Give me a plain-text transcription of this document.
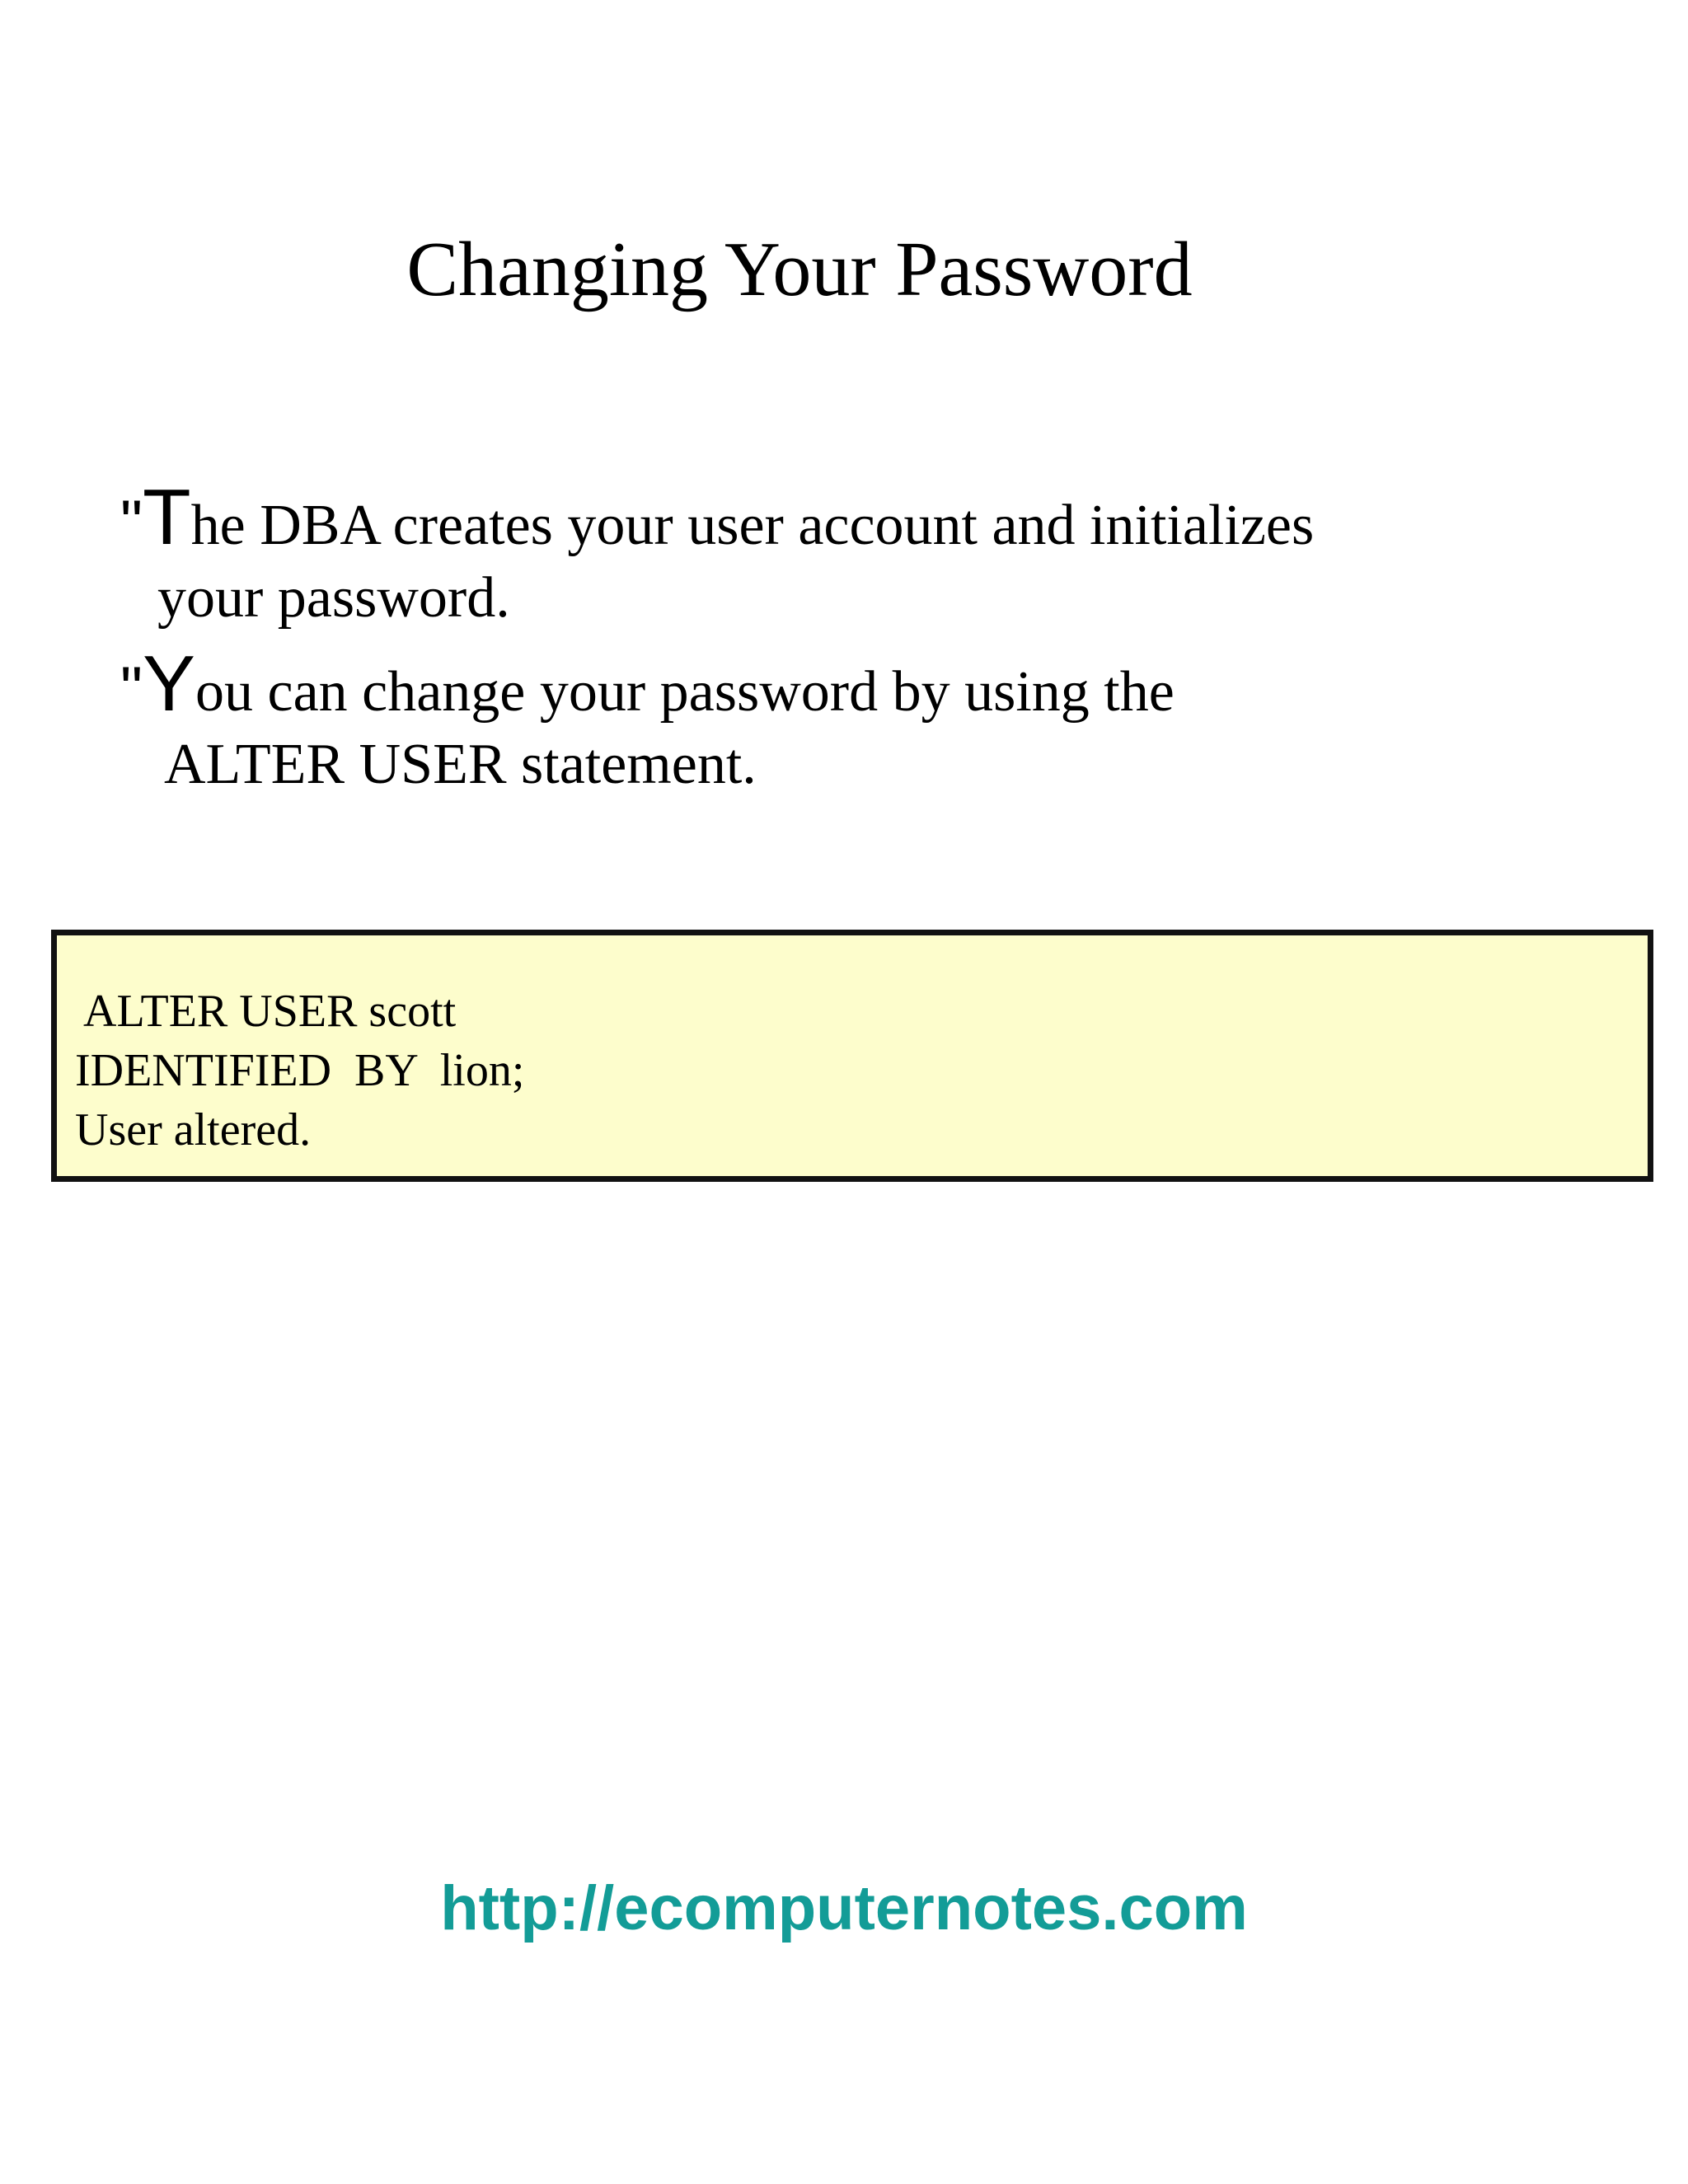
Changing Your Password
"The DBA creates your user account and initializes
your password.
"You can change your password by using the
ALTER USER statement.
ALTER USER scott
IDENTIFIED  BY  lion;
User altered.
http://ecomputernotes.com
